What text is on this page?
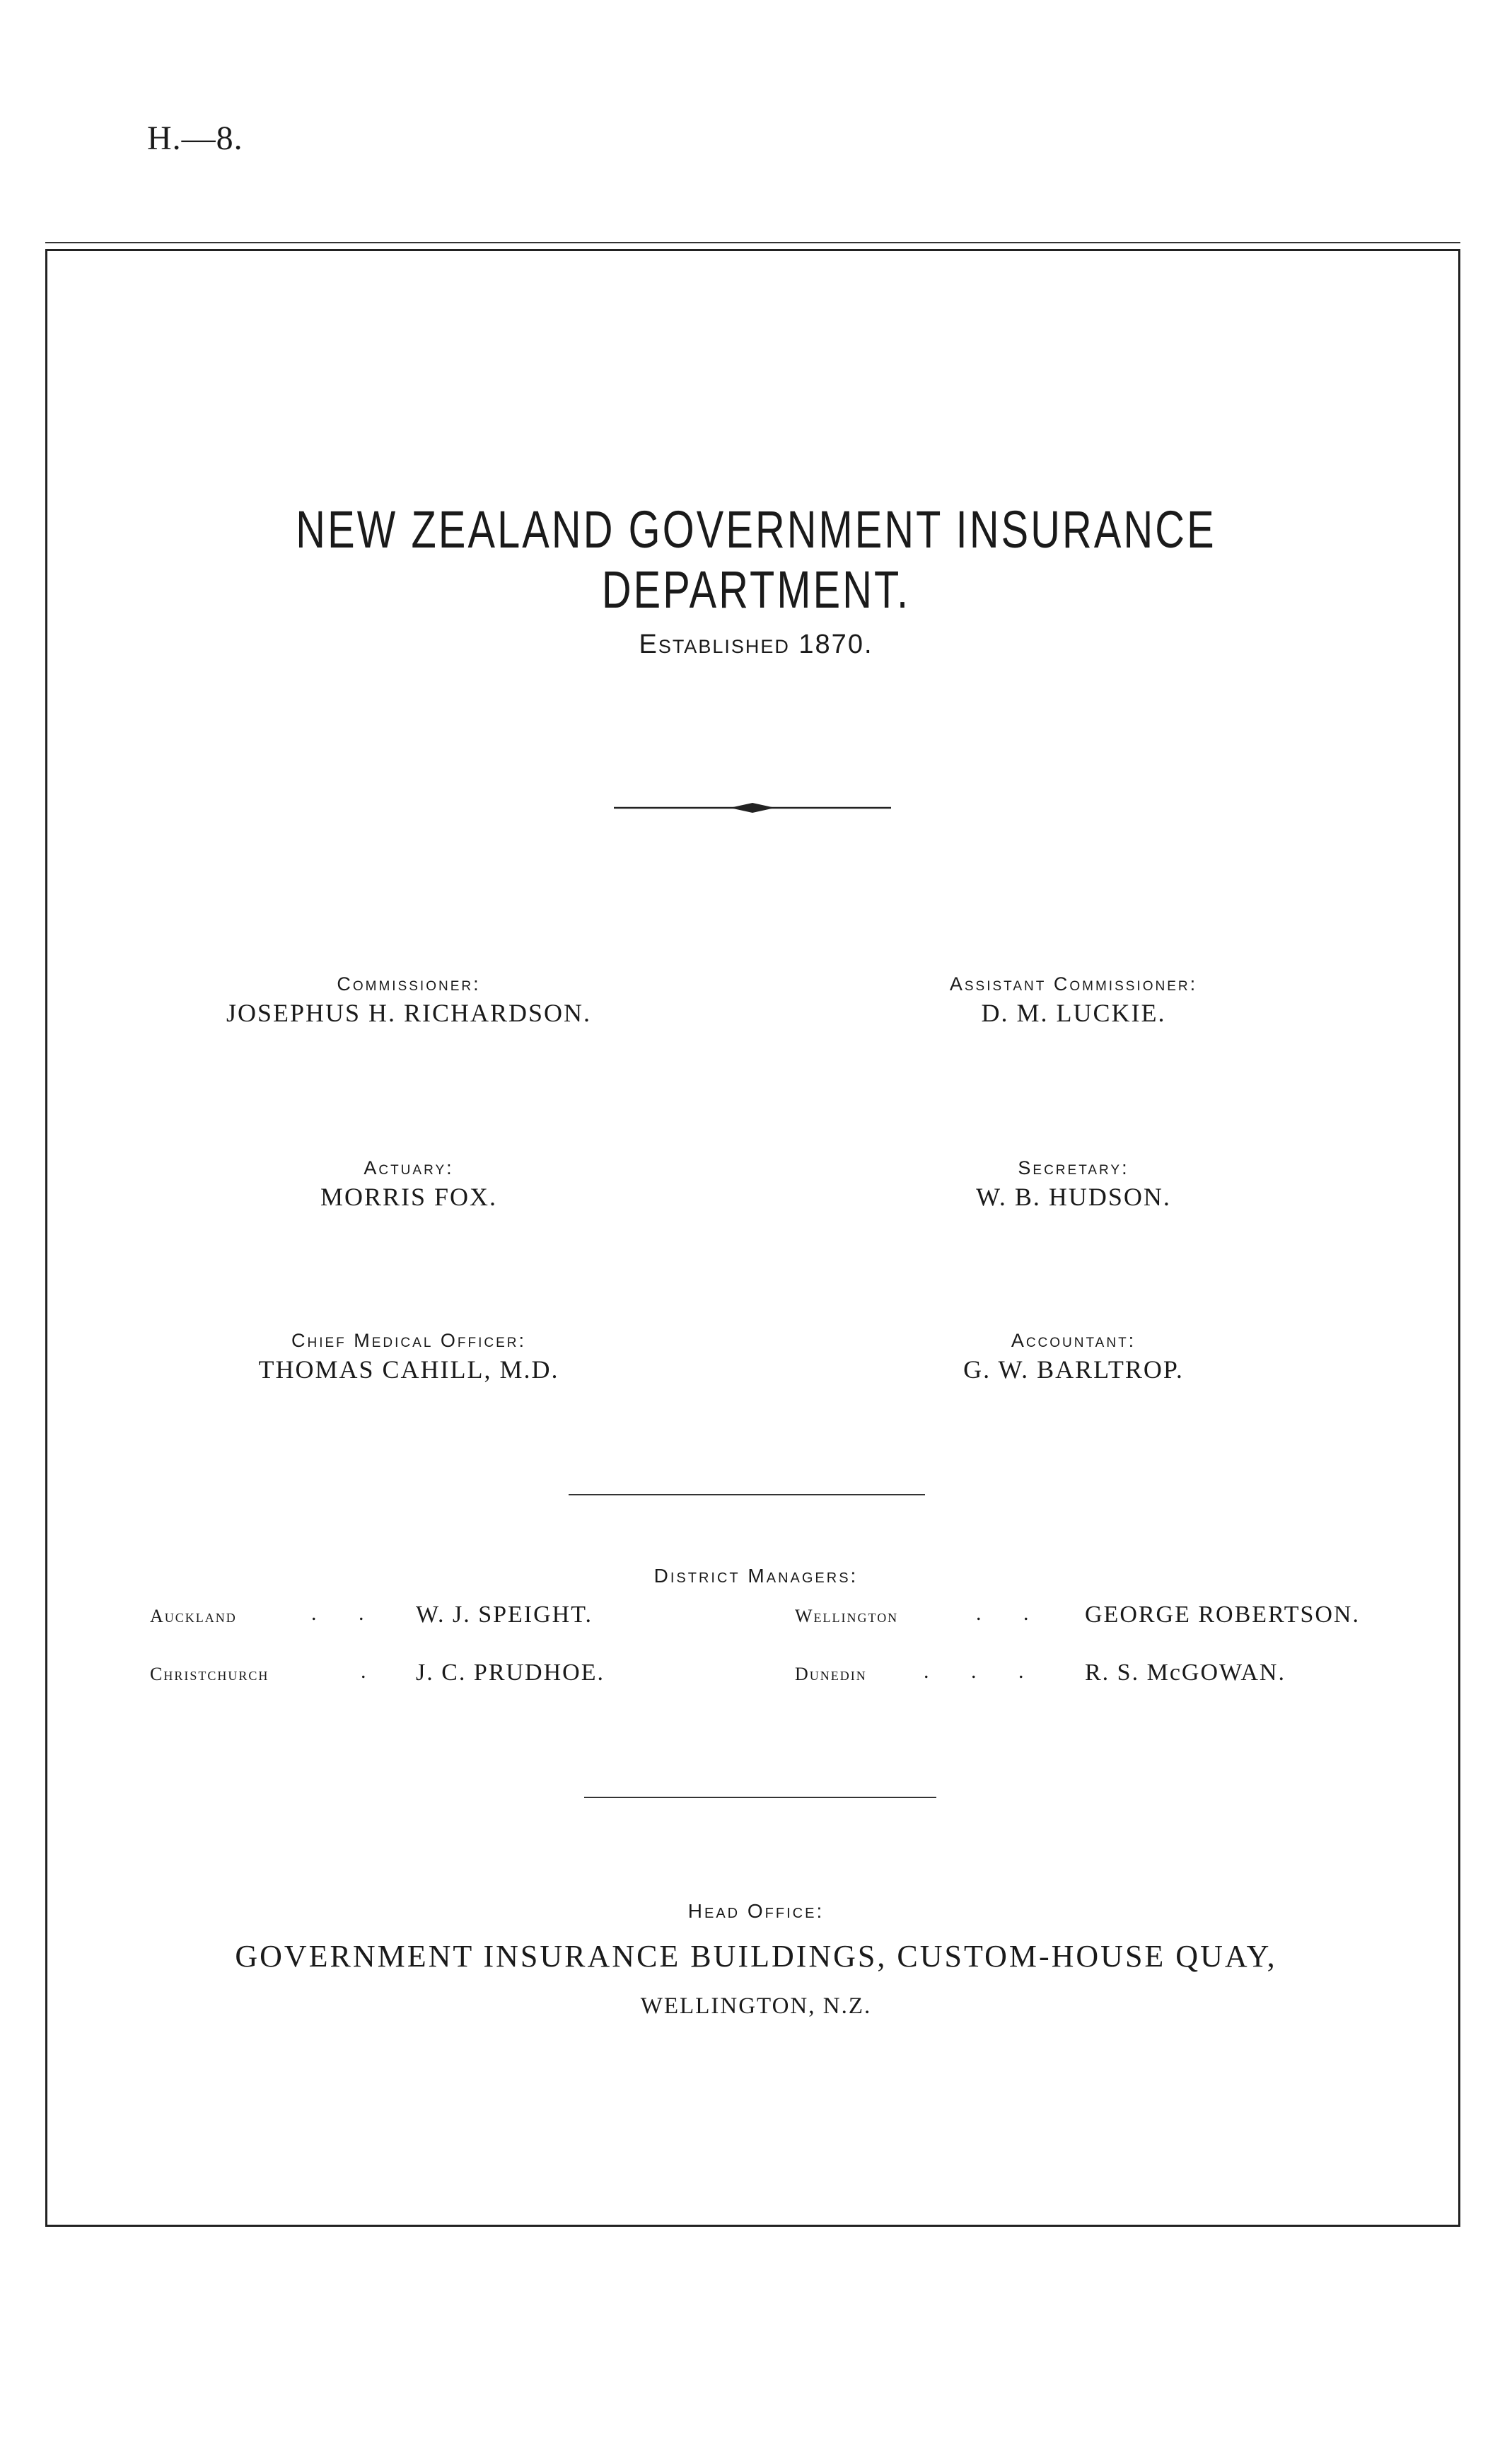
H.—8.
NEW ZEALAND GOVERNMENT INSURANCE DEPARTMENT.
Established 1870.
Commissioner:
JOSEPHUS H. RICHARDSON.
Assistant Commissioner:
D. M. LUCKIE.
Actuary:
MORRIS FOX.
Secretary:
W. B. HUDSON.
Chief Medical Officer:
THOMAS CAHILL, M.D.
Accountant:
G. W. BARLTROP.
District Managers:
Auckland	. . W. J. SPEIGHT.	Wellington	. . GEORGE ROBERTSON.
Christchurch	. J. C. PRUDHOE.	Dunedin	. . . R. S. McGOWAN.
Head Office:
GOVERNMENT INSURANCE BUILDINGS, CUSTOM-HOUSE QUAY,
WELLINGTON, N.Z.
